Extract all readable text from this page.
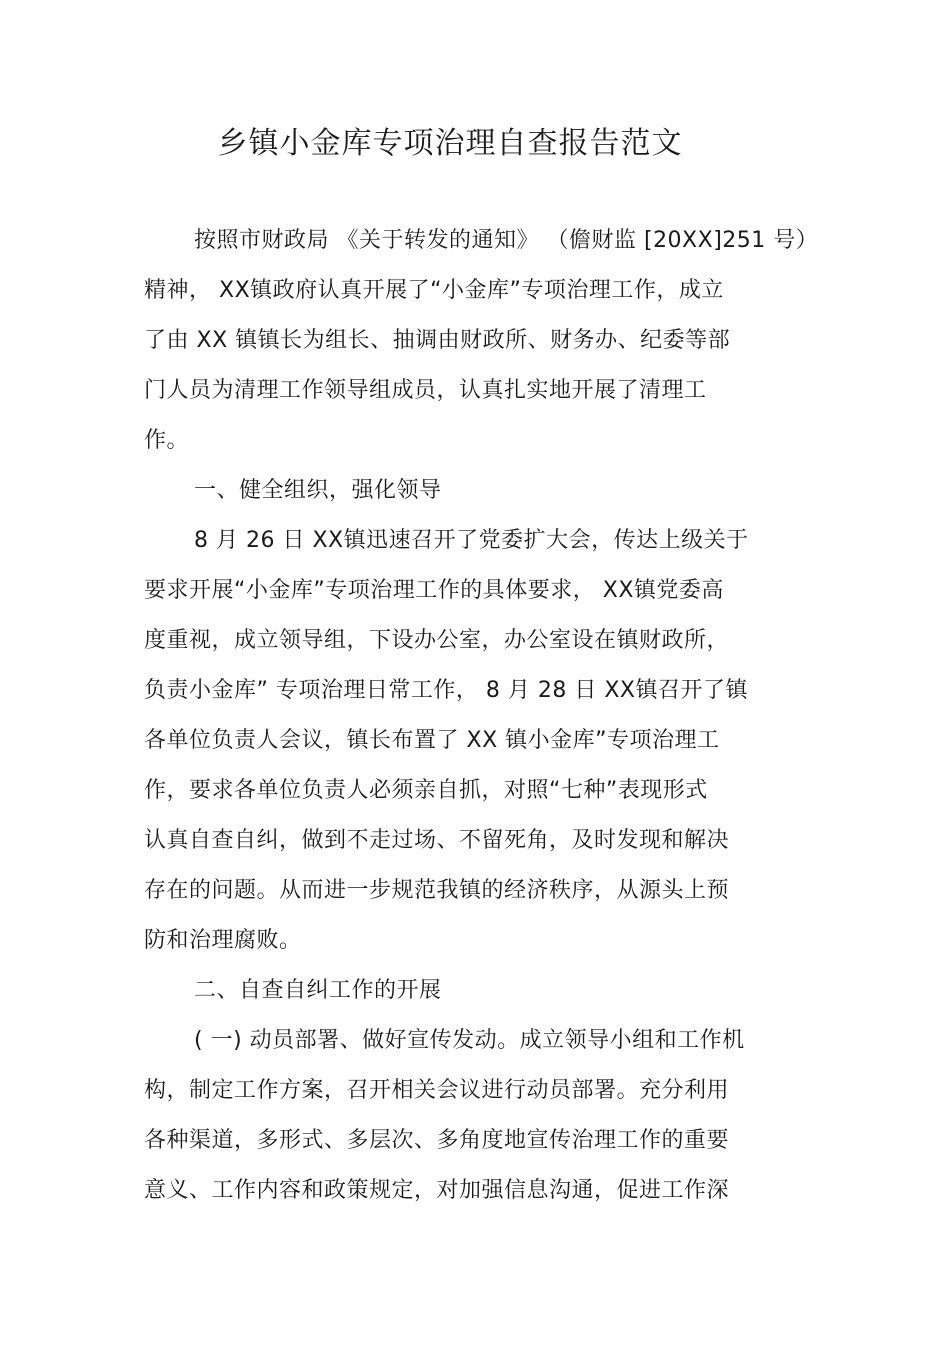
乡镇小金库专项治理自查报告范文
按照市财政局 《关于转发的通知》 （儋财监 [20XX]251 号）
精神， XX镇政府认真开展了“小金库”专项治理工作，成立
了由 XX 镇镇长为组长、抽调由财政所、财务办、纪委等部
门人员为清理工作领导组成员，认真扎实地开展了清理工
作。
一、健全组织，强化领导
8 月 26 日 XX镇迅速召开了党委扩大会，传达上级关于
要求开展“小金库”专项治理工作的具体要求， XX镇党委高
度重视，成立领导组，下设办公室，办公室设在镇财政所，
负责小金库” 专项治理日常工作， 8 月 28 日 XX镇召开了镇
各单位负责人会议，镇长布置了 XX 镇小金库”专项治理工
作，要求各单位负责人必须亲自抓，对照“七种”表现形式
认真自查自纠，做到不走过场、不留死角，及时发现和解决
存在的问题。从而进一步规范我镇的经济秩序，从源头上预
防和治理腐败。
二、自查自纠工作的开展
( 一) 动员部署、做好宣传发动。成立领导小组和工作机
构，制定工作方案，召开相关会议进行动员部署。充分利用
各种渠道，多形式、多层次、多角度地宣传治理工作的重要
意义、工作内容和政策规定，对加强信息沟通，促进工作深
